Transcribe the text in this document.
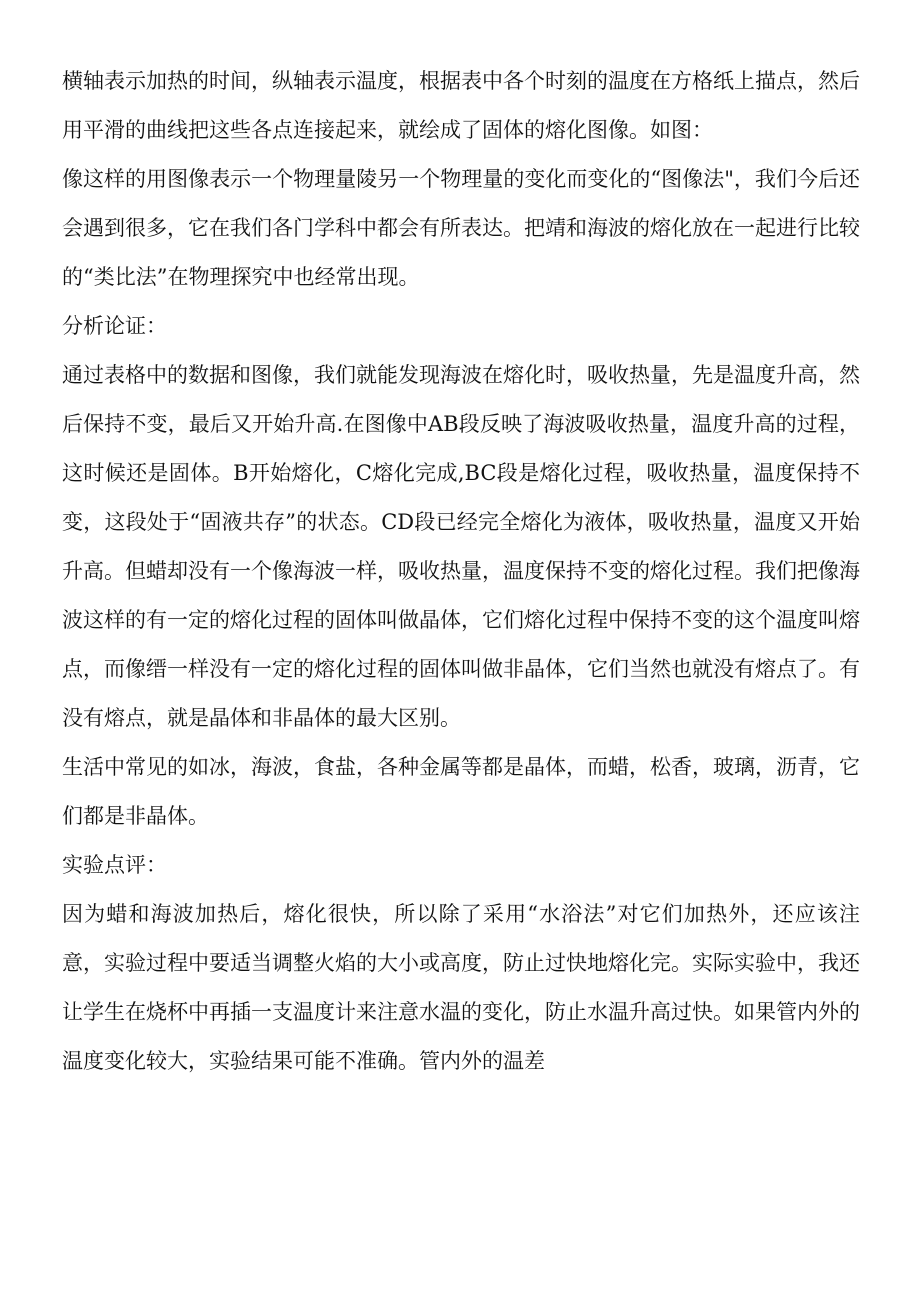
横轴表示加热的时间，纵轴表示温度，根据表中各个时刻的温度在方格纸上描点，然后用平滑的曲线把这些各点连接起来，就绘成了固体的熔化图像。如图：

像这样的用图像表示一个物理量陵另一个物理量的变化而变化的“图像法"，我们今后还会遇到很多，它在我们各门学科中都会有所表达。把靖和海波的熔化放在一起进行比较的“类比法”在物理探究中也经常出现。

分析论证：

通过表格中的数据和图像，我们就能发现海波在熔化时，吸收热量，先是温度升高，然后保持不变，最后又开始升高.在图像中AB段反映了海波吸收热量，温度升高的过程，这时候还是固体。B开始熔化，C熔化完成,BC段是熔化过程，吸收热量，温度保持不变，这段处于“固液共存”的状态。CD段已经完全熔化为液体，吸收热量，温度又开始升高。但蜡却没有一个像海波一样，吸收热量，温度保持不变的熔化过程。我们把像海波这样的有一定的熔化过程的固体叫做晶体，它们熔化过程中保持不变的这个温度叫熔点，而像缙一样没有一定的熔化过程的固体叫做非晶体，它们当然也就没有熔点了。有没有熔点，就是晶体和非晶体的最大区别。

生活中常见的如冰，海波，食盐，各种金属等都是晶体，而蜡，松香，玻璃，沥青，它们都是非晶体。

实验点评：

因为蜡和海波加热后，熔化很快，所以除了采用“水浴法”对它们加热外，还应该注意，实验过程中要适当调整火焰的大小或高度，防止过快地熔化完。实际实验中，我还让学生在烧杯中再插一支温度计来注意水温的变化，防止水温升高过快。如果管内外的温度变化较大，实验结果可能不准确。管内外的温差
